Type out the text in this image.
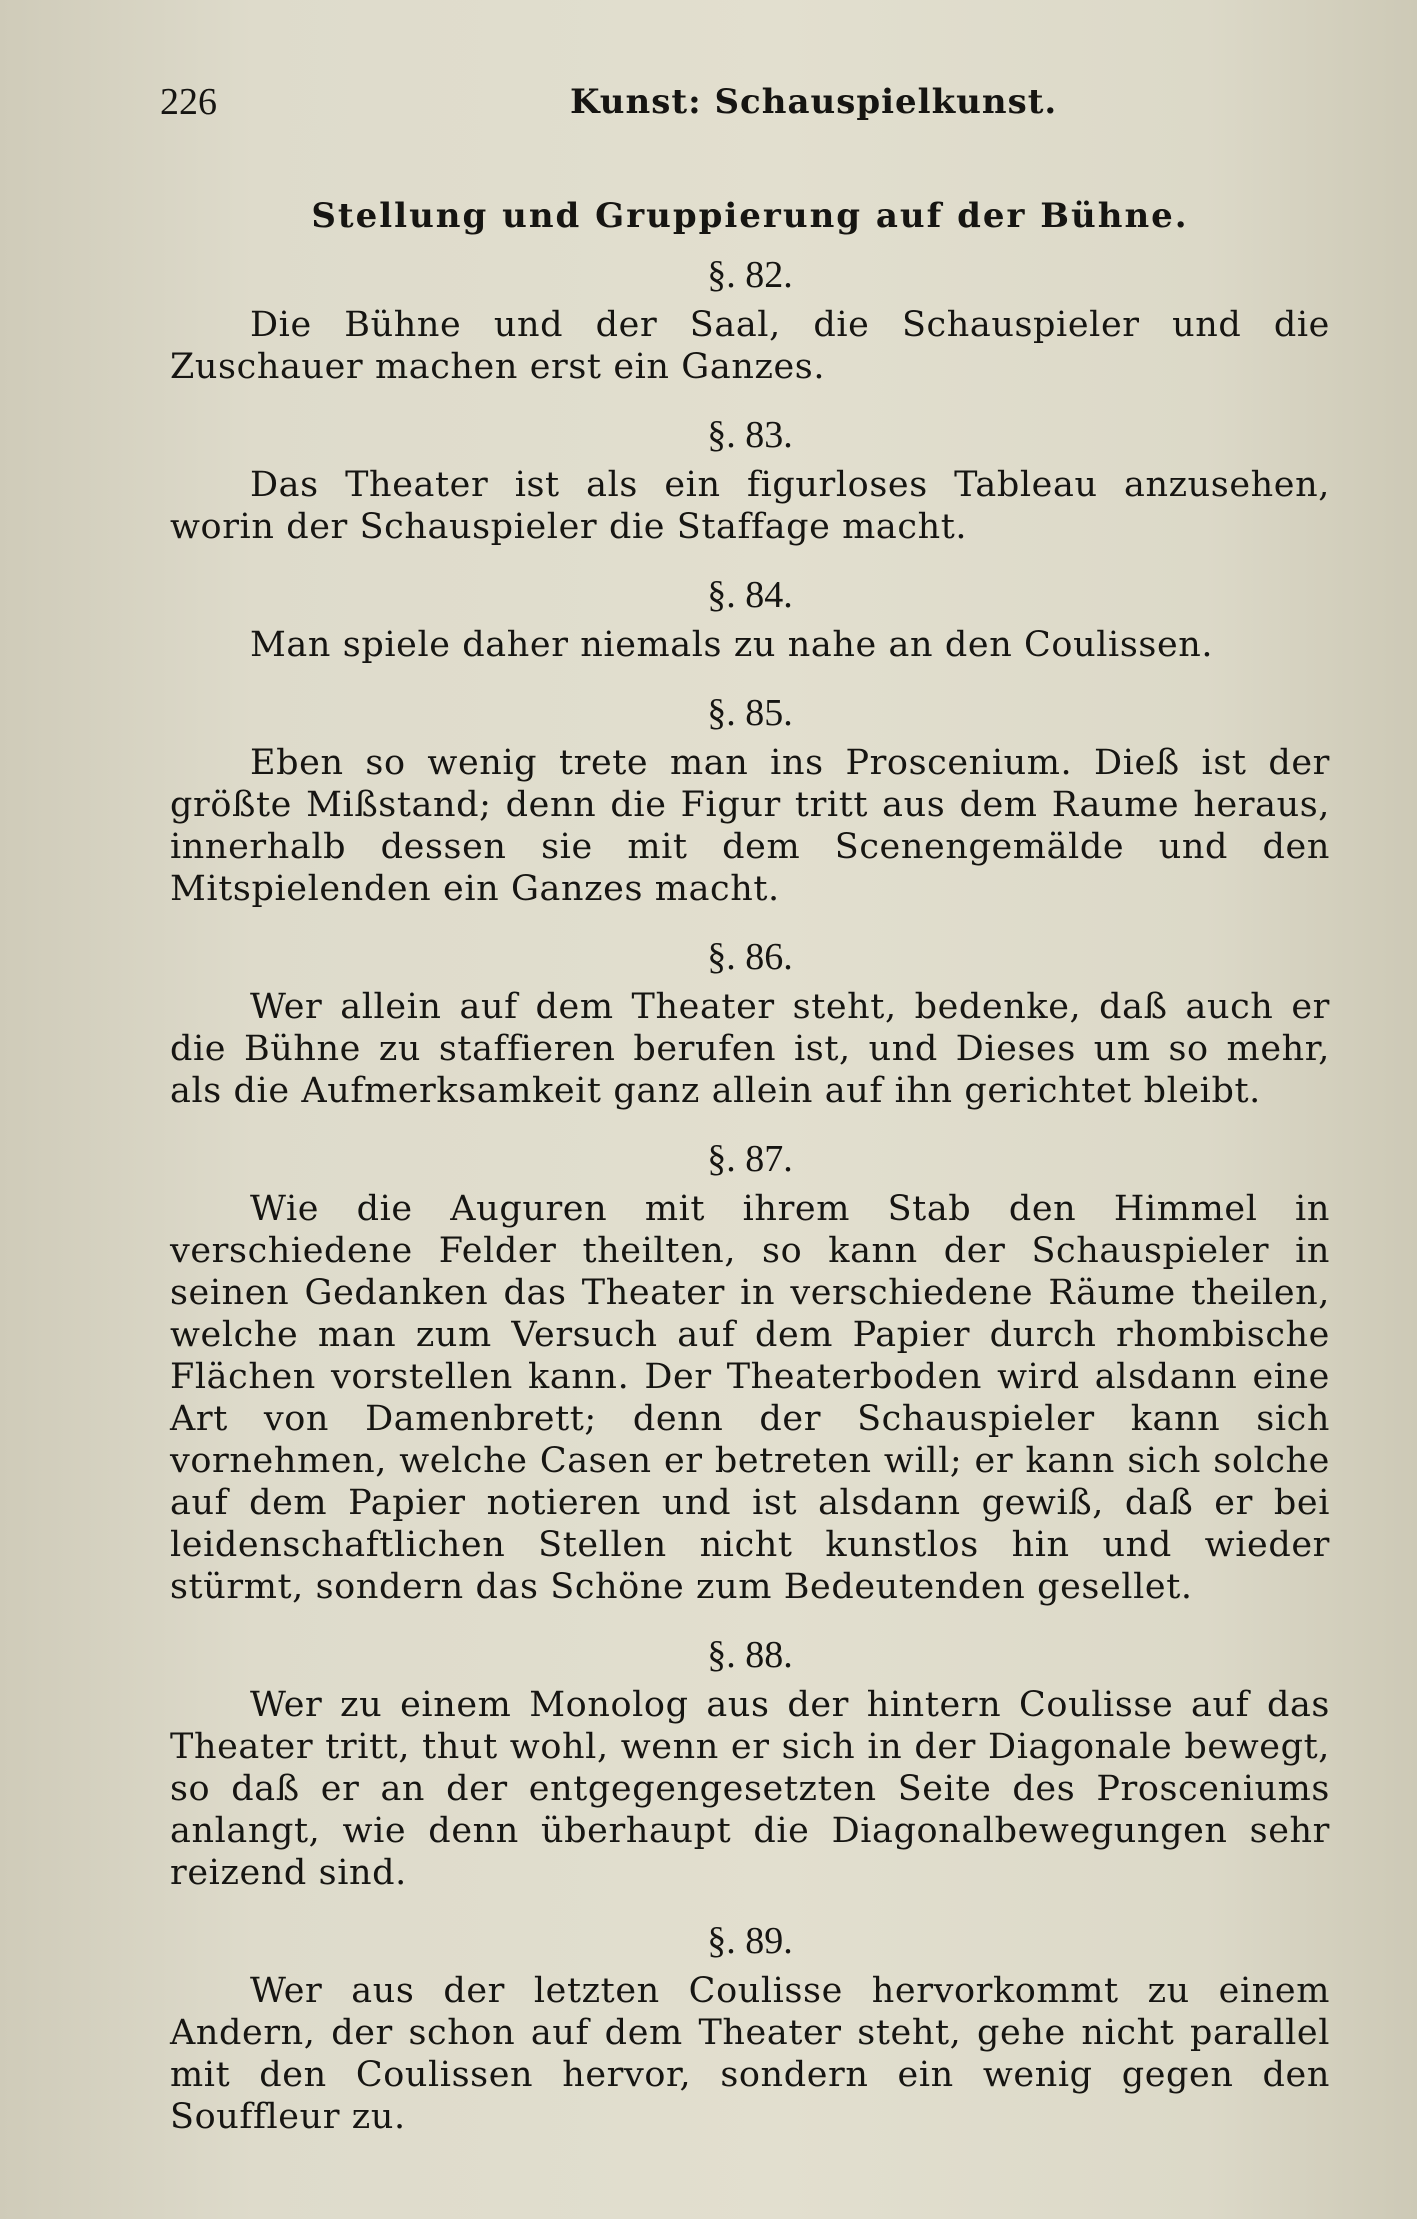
226	Kunst: Schauspielkunst.
Stellung und Gruppierung auf der Bühne.
§. 82.

Die Bühne und der Saal, die Schauspieler und die Zuschauer machen erst ein Ganzes.

§. 83.

Das Theater ist als ein figurloses Tableau anzusehen, worin der Schauspieler die Staffage macht.

§. 84.

Man spiele daher niemals zu nahe an den Coulissen.

§. 85.

Eben so wenig trete man ins Proscenium. Dieß ist der größte Mißstand; denn die Figur tritt aus dem Raume heraus, innerhalb dessen sie mit dem Scenengemälde und den Mitspielenden ein Ganzes macht.

§. 86.

Wer allein auf dem Theater steht, bedenke, daß auch er die Bühne zu staffieren berufen ist, und Dieses um so mehr, als die Aufmerksamkeit ganz allein auf ihn gerichtet bleibt.

§. 87.

Wie die Auguren mit ihrem Stab den Himmel in verschiedene Felder theilten, so kann der Schauspieler in seinen Gedanken das Theater in verschiedene Räume theilen, welche man zum Versuch auf dem Papier durch rhombische Flächen vorstellen kann. Der Theaterboden wird alsdann eine Art von Damenbrett; denn der Schauspieler kann sich vornehmen, welche Casen er betreten will; er kann sich solche auf dem Papier notieren und ist alsdann gewiß, daß er bei leidenschaftlichen Stellen nicht kunstlos hin und wieder stürmt, sondern das Schöne zum Bedeutenden gesellet.

§. 88.

Wer zu einem Monolog aus der hintern Coulisse auf das Theater tritt, thut wohl, wenn er sich in der Diagonale bewegt, so daß er an der entgegengesetzten Seite des Prosceniums anlangt, wie denn überhaupt die Diagonalbewegungen sehr reizend sind.

§. 89.

Wer aus der letzten Coulisse hervorkommt zu einem Andern, der schon auf dem Theater steht, gehe nicht parallel mit den Coulissen hervor, sondern ein wenig gegen den Souffleur zu.
